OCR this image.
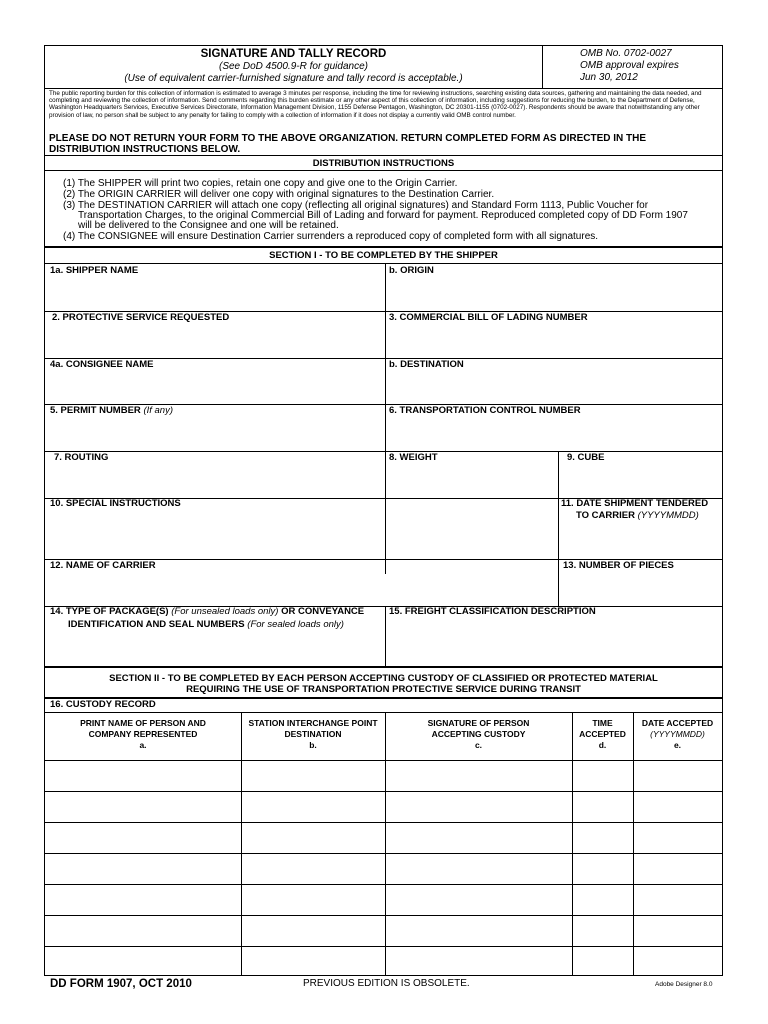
SIGNATURE AND TALLY RECORD
(See DoD 4500.9-R for guidance)
(Use of equivalent carrier-furnished signature and tally record is acceptable.)
OMB No. 0702-0027
OMB approval expires
Jun 30, 2012
The public reporting burden for this collection of information is estimated to average 3 minutes per response, including the time for reviewing instructions, searching existing data sources, gathering and maintaining the data needed, and completing and reviewing the collection of information. Send comments regarding this burden estimate or any other aspect of this collection of information, including suggestions for reducing the burden, to the Department of Defense, Washington Headquarters Services, Executive Services Directorate, Information Management Division, 1155 Defense Pentagon, Washington, DC 20301-1155 (0702-0027). Respondents should be aware that notwithstanding any other provision of law, no person shall be subject to any penalty for failing to comply with a collection of information if it does not display a currently valid OMB control number.
PLEASE DO NOT RETURN YOUR FORM TO THE ABOVE ORGANIZATION. RETURN COMPLETED FORM AS DIRECTED IN THE DISTRIBUTION INSTRUCTIONS BELOW.
DISTRIBUTION INSTRUCTIONS
(1) The SHIPPER will print two copies, retain one copy and give one to the Origin Carrier.
(2) The ORIGIN CARRIER will deliver one copy with original signatures to the Destination Carrier.
(3) The DESTINATION CARRIER will attach one copy (reflecting all original signatures) and Standard Form 1113, Public Voucher for
Transportation Charges, to the original Commercial Bill of Lading and forward for payment. Reproduced completed copy of DD Form 1907
will be delivered to the Consignee and one will be retained.
(4) The CONSIGNEE will ensure Destination Carrier surrenders a reproduced copy of completed form with all signatures.
SECTION I - TO BE COMPLETED BY THE SHIPPER
1a. SHIPPER NAME	b. ORIGIN
2. PROTECTIVE SERVICE REQUESTED	3. COMMERCIAL BILL OF LADING NUMBER
4a. CONSIGNEE NAME	b. DESTINATION
5. PERMIT NUMBER (If any)	6. TRANSPORTATION CONTROL NUMBER
7. ROUTING	8. WEIGHT	9. CUBE
10. SPECIAL INSTRUCTIONS	11. DATE SHIPMENT TENDERED
TO CARRIER (YYYYMMDD)
12. NAME OF CARRIER	13. NUMBER OF PIECES
14. TYPE OF PACKAGE(S) (For unsealed loads only) OR CONVEYANCE
IDENTIFICATION AND SEAL NUMBERS (For sealed loads only)
15. FREIGHT CLASSIFICATION DESCRIPTION
SECTION II - TO BE COMPLETED BY EACH PERSON ACCEPTING CUSTODY OF CLASSIFIED OR PROTECTED MATERIAL
REQUIRING THE USE OF TRANSPORTATION PROTECTIVE SERVICE DURING TRANSIT
16. CUSTODY RECORD
PRINT NAME OF PERSON AND
COMPANY REPRESENTED
a.
STATION INTERCHANGE POINT
DESTINATION
b.
SIGNATURE OF PERSON
ACCEPTING CUSTODY
c.
TIME
ACCEPTED
d.
DATE ACCEPTED
(YYYYMMDD)
e.
DD FORM 1907, OCT 2010	PREVIOUS EDITION IS OBSOLETE.	Adobe Designer 8.0
